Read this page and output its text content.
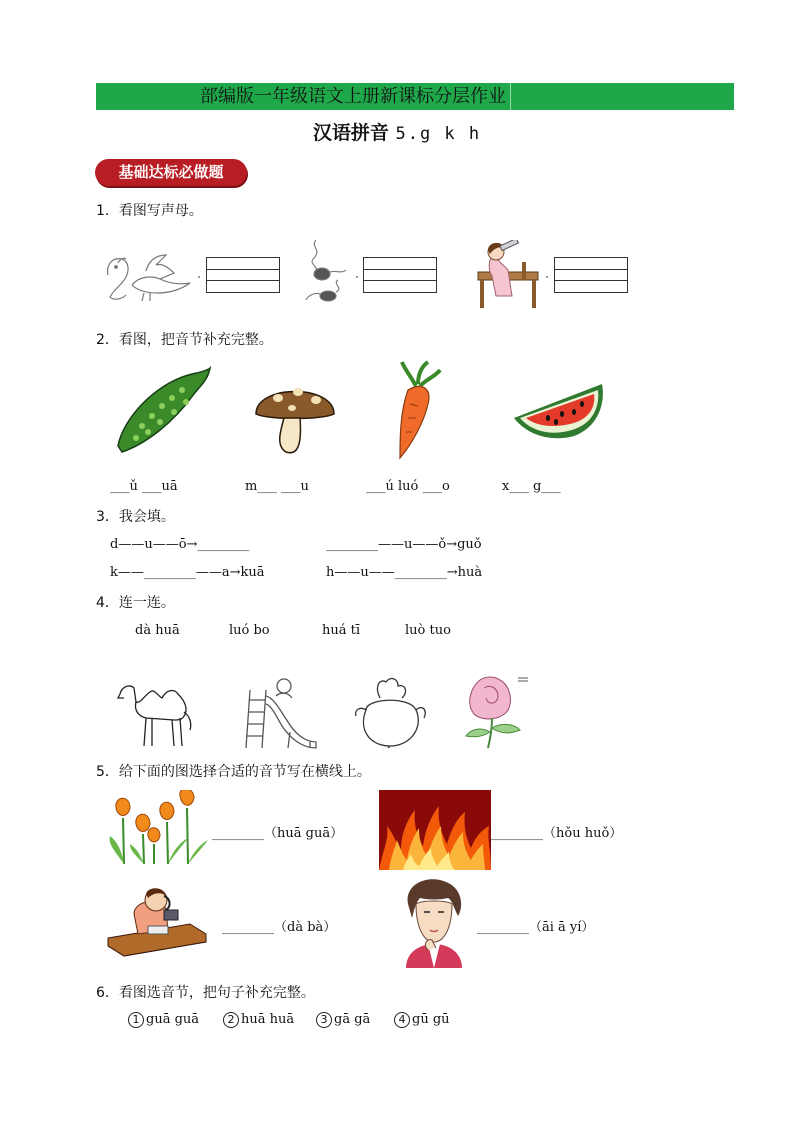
部编版一年级语文上册新课标分层作业
汉语拼音 5.g k h
基础达标必做题
1．看图写声母。
2．看图，把音节补充完整。
___ǔ ___uā	m___ ___u	___ú luó ___o	x___ g___
3．我会填。
d——u——ō→________	________——u——ǒ→guǒ
k——________——a→kuā	h——u——________→huà
4．连一连。
dà huā	luó bo	huá tī	luò tuo
5．给下面的图选择合适的音节写在横线上。
________（huā guā）	________（hǒu huǒ）
________（dà bà）	________（āi ā yí）
6．看图选音节，把句子补充完整。
1 guā guā	2 huā huā	3 gā gā	4 gū gū
